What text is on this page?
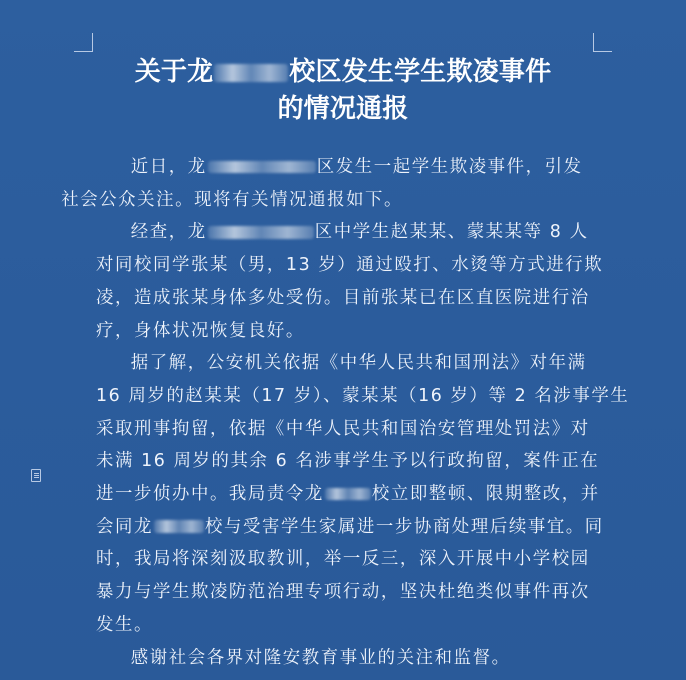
关于龙	校区发生学生欺凌事件
的情况通报

近日，龙	区发生一起学生欺凌事件，引发
社会公众关注。现将有关情况通报如下。

经查，龙	区中学生赵某某、蒙某某等 8 人
对同校同学张某（男，13 岁）通过殴打、水烫等方式进行欺
凌，造成张某身体多处受伤。目前张某已在区直医院进行治
疗，身体状况恢复良好。

据了解，公安机关依据《中华人民共和国刑法》对年满
16 周岁的赵某某（17 岁）、蒙某某（16 岁）等 2 名涉事学生
采取刑事拘留，依据《中华人民共和国治安管理处罚法》对
未满 16 周岁的其余 6 名涉事学生予以行政拘留，案件正在
进一步侦办中。我局责令龙	校立即整顿、限期整改，并
会同龙	校与受害学生家属进一步协商处理后续事宜。同
时，我局将深刻汲取教训，举一反三，深入开展中小学校园
暴力与学生欺凌防范治理专项行动，坚决杜绝类似事件再次
发生。

感谢社会各界对隆安教育事业的关注和监督。
